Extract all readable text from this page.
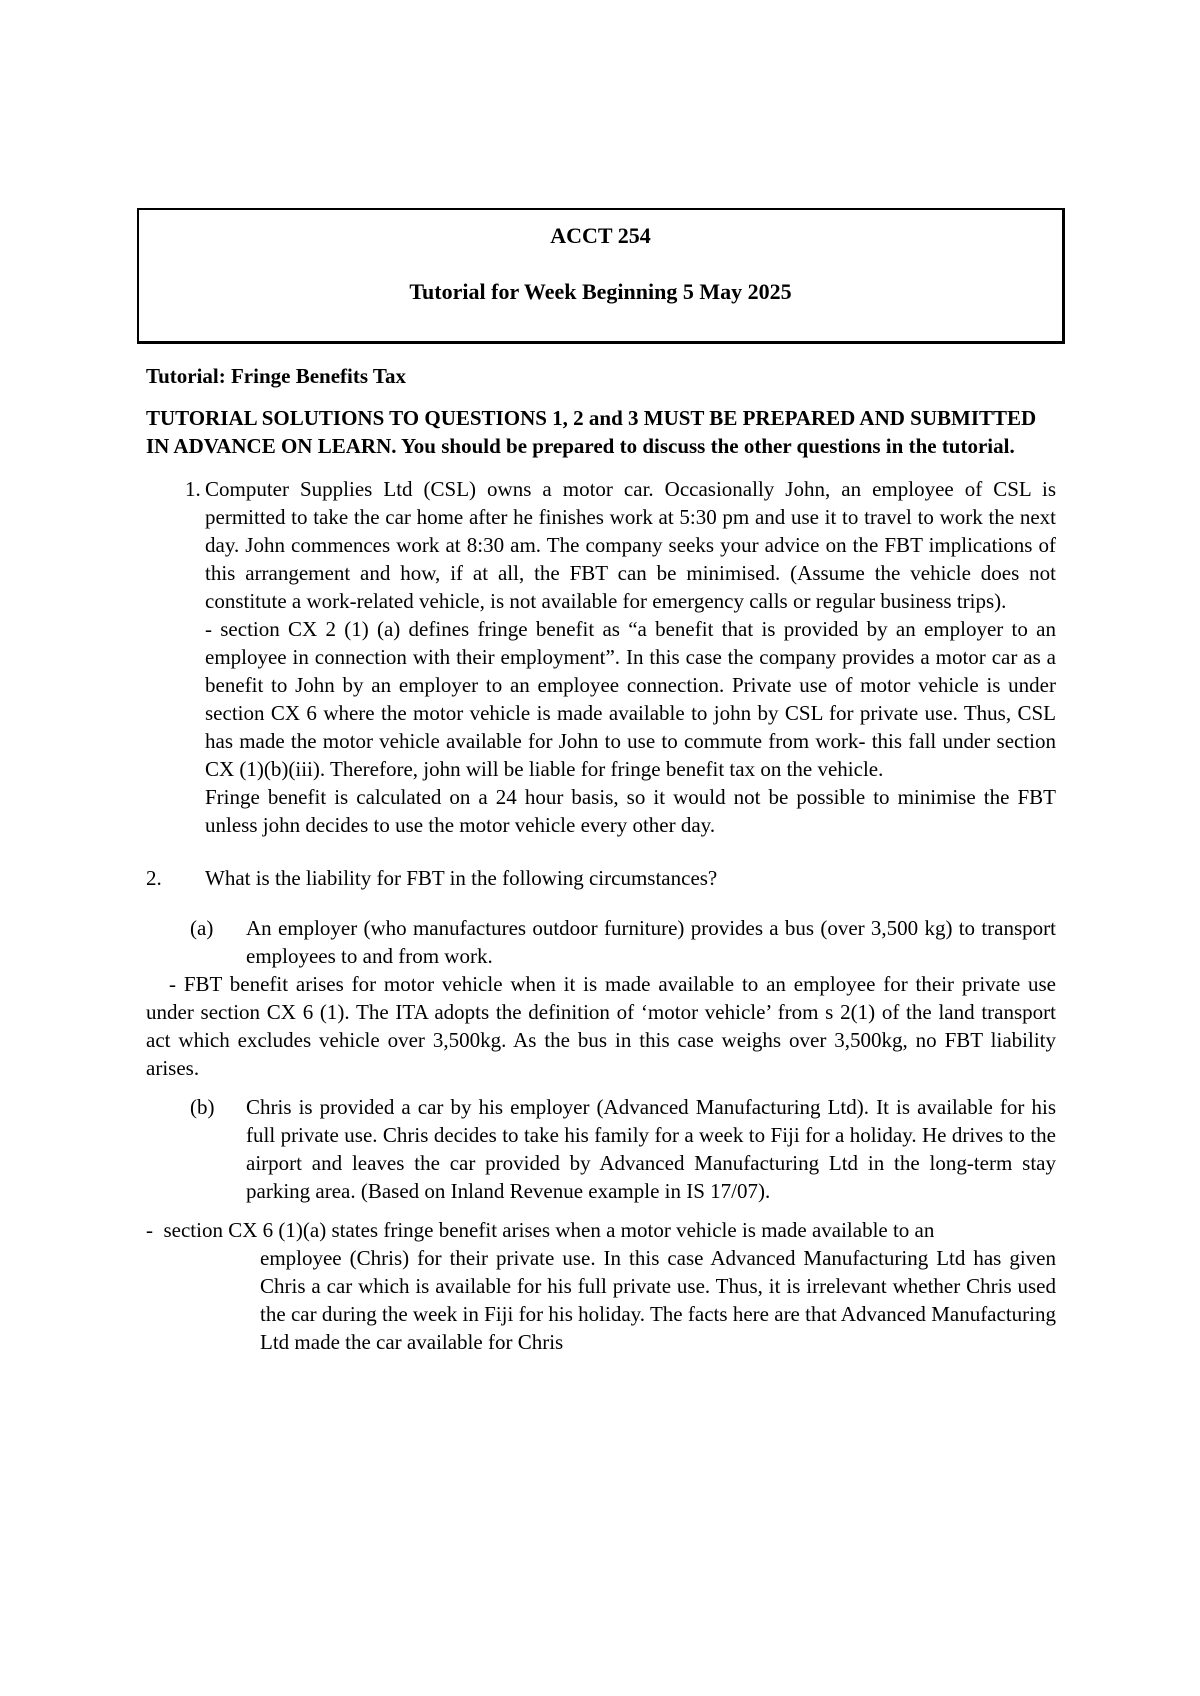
ACCT 254
Tutorial for Week Beginning 5 May 2025

Tutorial: Fringe Benefits Tax

TUTORIAL SOLUTIONS TO QUESTIONS 1, 2 and 3 MUST BE PREPARED AND SUBMITTED IN ADVANCE ON LEARN. You should be prepared to discuss the other questions in the tutorial.

1. Computer Supplies Ltd (CSL) owns a motor car. Occasionally John, an employee of CSL is permitted to take the car home after he finishes work at 5:30 pm and use it to travel to work the next day. John commences work at 8:30 am. The company seeks your advice on the FBT implications of this arrangement and how, if at all, the FBT can be minimised. (Assume the vehicle does not constitute a work-related vehicle, is not available for emergency calls or regular business trips).

- section CX 2 (1) (a) defines fringe benefit as “a benefit that is provided by an employer to an employee in connection with their employment”. In this case the company provides a motor car as a benefit to John by an employer to an employee connection. Private use of motor vehicle is under section CX 6 where the motor vehicle is made available to john by CSL for private use. Thus, CSL has made the motor vehicle available for John to use to commute from work- this fall under section CX (1)(b)(iii). Therefore, john will be liable for fringe benefit tax on the vehicle.

Fringe benefit is calculated on a 24 hour basis, so it would not be possible to minimise the FBT unless john decides to use the motor vehicle every other day.

2.	What is the liability for FBT in the following circumstances?
(a)	An employer (who manufactures outdoor furniture) provides a bus (over 3,500 kg) to transport employees to and from work.

- FBT benefit arises for motor vehicle when it is made available to an employee for their private use under section CX 6 (1). The ITA adopts the definition of ‘motor vehicle’ from s 2(1) of the land transport act which excludes vehicle over 3,500kg. As the bus in this case weighs over 3,500kg, no FBT liability arises.

(b)	Chris is provided a car by his employer (Advanced Manufacturing Ltd). It is available for his full private use. Chris decides to take his family for a week to Fiji for a holiday. He drives to the airport and leaves the car provided by Advanced Manufacturing Ltd in the long-term stay parking area. (Based on Inland Revenue example in IS 17/07).

-  section CX 6 (1)(a) states fringe benefit arises when a motor vehicle is made available to an

employee (Chris) for their private use. In this case Advanced Manufacturing Ltd has given Chris a car which is available for his full private use. Thus, it is irrelevant whether Chris used the car during the week in Fiji for his holiday. The facts here are that Advanced Manufacturing Ltd made the car available for Chris
